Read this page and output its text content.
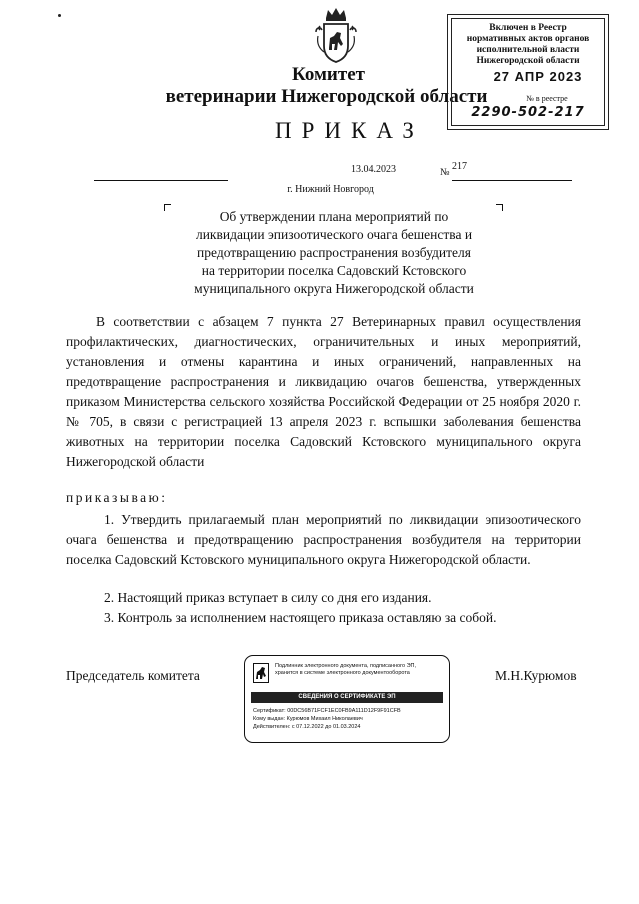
Комитет
ветеринарии Нижегородской области
ПРИКАЗ
Включен в Реестр
нормативных актов органов
исполнительной власти
Нижегородской области
27 АПР 2023
№ в реестре
2290-502-217
13.04.2023	№
217
г. Нижний Новгород
Об утверждении плана мероприятий по
ликвидации эпизоотического очага бешенства и
предотвращению распространения возбудителя
на территории поселка Садовский Кстовского
муниципального округа Нижегородской области
В соответствии с абзацем 7 пункта 27 Ветеринарных правил осуществления профилактических, диагностических, ограничительных и иных мероприятий, установления и отмены карантина и иных ограничений, направленных на предотвращение распространения и ликвидацию очагов бешенства, утвержденных приказом Министерства сельского хозяйства Российской Федерации от 25 ноября 2020 г. № 705, в связи с регистрацией 13 апреля 2023 г. вспышки заболевания бешенства животных на территории поселка Садовский Кстовского муниципального округа Нижегородской области
приказываю:
1. Утвердить прилагаемый план мероприятий по ликвидации эпизоотического очага бешенства и предотвращению распространения возбудителя на территории поселка Садовский Кстовского муниципального округа Нижегородской области.
2. Настоящий приказ вступает в силу со дня его издания.
3. Контроль за исполнением настоящего приказа оставляю за собой.
Председатель комитета	М.Н.Курюмов
Подлинник электронного документа, подписанного ЭП,
хранится в системе электронного документооборота
СВЕДЕНИЯ О СЕРТИФИКАТЕ ЭП
Сертификат: 00DC56B71FCF1EC0FB9A111D12F9F91CFB
Кому выдан: Курюмов Михаил Николаевич
Действителен: с 07.12.2022 до 01.03.2024
